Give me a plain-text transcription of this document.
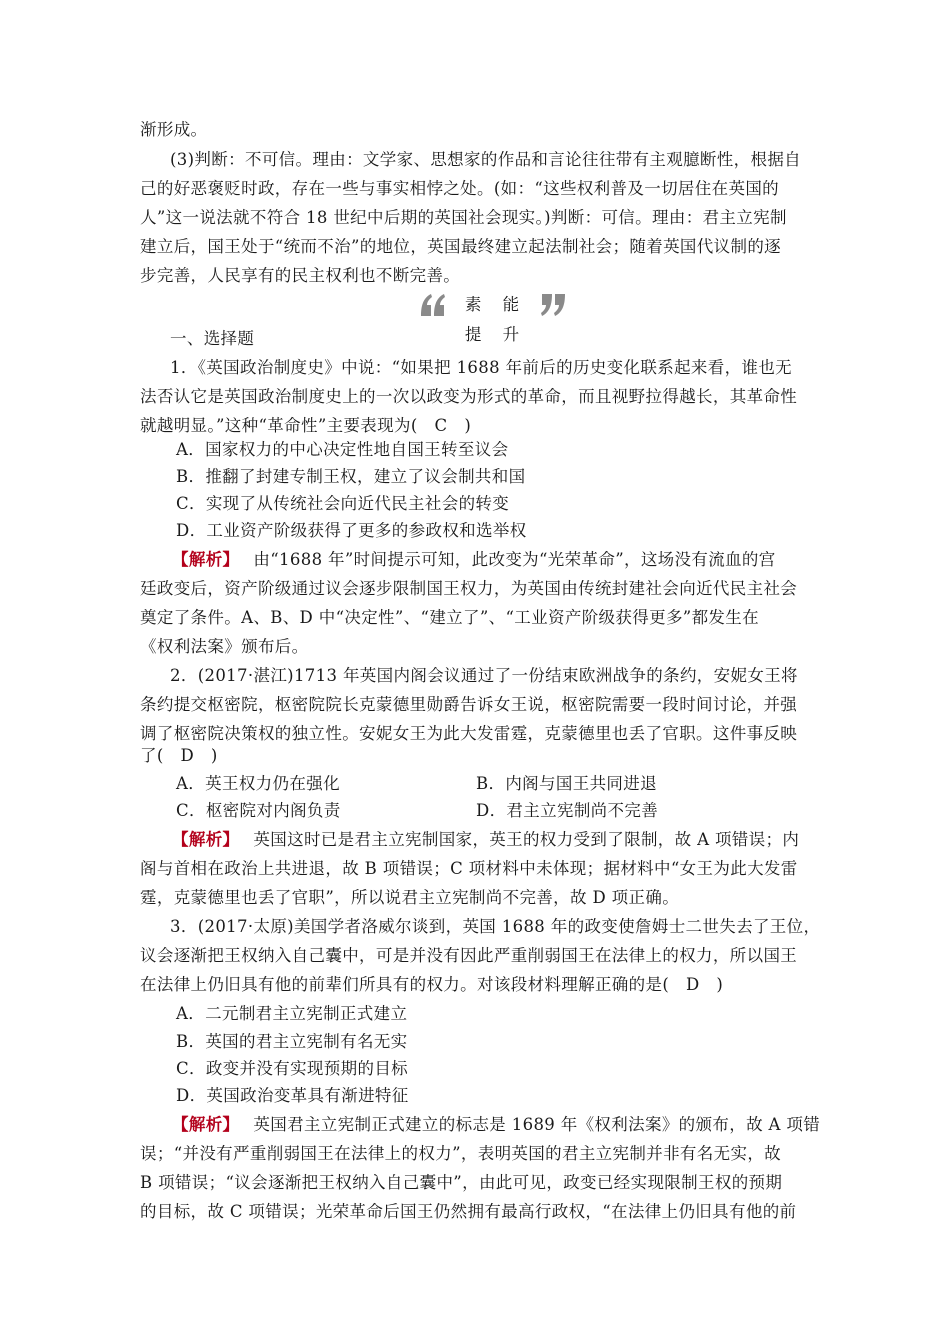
渐形成。
(3)判断：不可信。理由：文学家、思想家的作品和言论往往带有主观臆断性，根据自
己的好恶褒贬时政，存在一些与事实相悖之处。(如：“这些权利普及一切居住在英国的
人”这一说法就不符合 18 世纪中后期的英国社会现实。)判断：可信。理由：君主立宪制
建立后，国王处于“统而不治”的地位，英国最终建立起法制社会；随着英国代议制的逐
步完善，人民享有的民主权利也不断完善。
素 能 提 升
一、选择题
1．《英国政治制度史》中说：“如果把 1688 年前后的历史变化联系起来看，谁也无
法否认它是英国政治制度史上的一次以政变为形式的革命，而且视野拉得越长，其革命性
就越明显。”这种“革命性”主要表现为(　C　)
A．国家权力的中心决定性地自国王转至议会
B．推翻了封建专制王权，建立了议会制共和国
C．实现了从传统社会向近代民主社会的转变
D．工业资产阶级获得了更多的参政权和选举权
【解析】 由“1688 年”时间提示可知，此改变为“光荣革命”，这场没有流血的宫
廷政变后，资产阶级通过议会逐步限制国王权力，为英国由传统封建社会向近代民主社会
奠定了条件。A、B、D 中“决定性”、“建立了”、“工业资产阶级获得更多”都发生在
《权利法案》颁布后。
2．(2017·湛江)1713 年英国内阁会议通过了一份结束欧洲战争的条约，安妮女王将
条约提交枢密院，枢密院院长克蒙德里勋爵告诉女王说，枢密院需要一段时间讨论，并强
调了枢密院决策权的独立性。安妮女王为此大发雷霆，克蒙德里也丢了官职。这件事反映
了(　D　)
A．英王权力仍在强化	B．内阁与国王共同进退
C．枢密院对内阁负责	D．君主立宪制尚不完善
【解析】 英国这时已是君主立宪制国家，英王的权力受到了限制，故 A 项错误；内
阁与首相在政治上共进退，故 B 项错误；C 项材料中未体现；据材料中“女王为此大发雷
霆，克蒙德里也丢了官职”，所以说君主立宪制尚不完善，故 D 项正确。
3．(2017·太原)美国学者洛威尔谈到，英国 1688 年的政变使詹姆士二世失去了王位，
议会逐渐把王权纳入自己囊中，可是并没有因此严重削弱国王在法律上的权力，所以国王
在法律上仍旧具有他的前辈们所具有的权力。对该段材料理解正确的是(　D　)
A．二元制君主立宪制正式建立
B．英国的君主立宪制有名无实
C．政变并没有实现预期的目标
D．英国政治变革具有渐进特征
【解析】 英国君主立宪制正式建立的标志是 1689 年《权利法案》的颁布，故 A 项错
误；“并没有严重削弱国王在法律上的权力”，表明英国的君主立宪制并非有名无实，故
B 项错误；“议会逐渐把王权纳入自己囊中”，由此可见，政变已经实现限制王权的预期
的目标，故 C 项错误；光荣革命后国王仍然拥有最高行政权，“在法律上仍旧具有他的前
